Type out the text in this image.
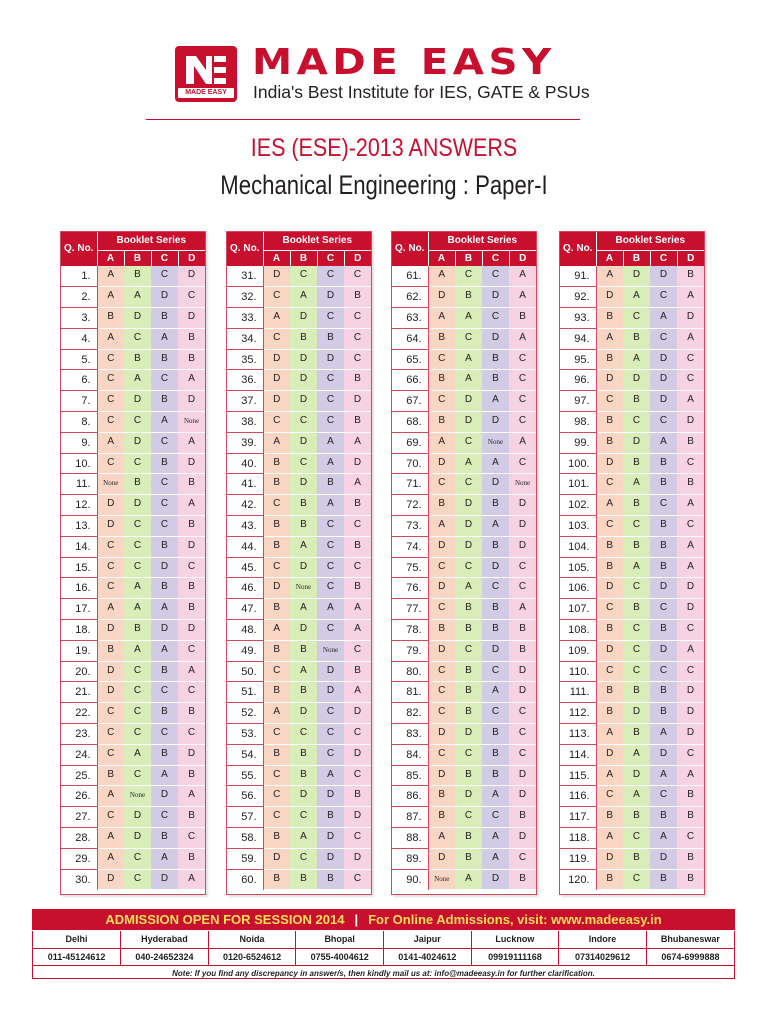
MADE EASY
MADE EASY
India's Best Institute for IES, GATE & PSUs
IES (ESE)-2013 ANSWERS
Mechanical Engineering : Paper-I
Q. No.	Booklet Series			
	A	B	C	D
1.	A	B	C	D
2.	A	A	D	C
3.	B	D	B	D
4.	A	C	A	B
5.	C	B	B	B
6.	C	A	C	A
7.	C	D	B	D
8.	C	C	A	None
9.	A	D	C	A
10.	C	C	B	D
11.	None	B	C	B
12.	D	D	C	A
13.	D	C	C	B
14.	C	C	B	D
15.	C	C	D	C
16.	C	A	B	B
17.	A	A	A	B
18.	D	B	D	D
19.	B	A	A	C
20.	D	C	B	A
21.	D	C	C	C
22.	C	C	B	B
23.	C	C	C	C
24.	C	A	B	D
25.	B	C	A	B
26.	A	None	D	A
27.	C	D	C	B
28.	A	D	B	C
29.	A	C	A	B
30.	D	C	D	A
Q. No.	Booklet Series			
	A	B	C	D
31.	D	C	C	C
32.	C	A	D	B
33.	A	D	C	C
34.	C	B	B	C
35.	D	D	D	C
36.	D	D	C	B
37.	D	D	C	D
38.	C	C	C	B
39.	A	D	A	A
40.	B	C	A	D
41.	B	D	B	A
42.	C	B	A	B
43.	B	B	C	C
44.	B	A	C	B
45.	C	D	C	C
46.	D	None	C	B
47.	B	A	A	A
48.	A	D	C	A
49.	B	B	None	C
50.	C	A	D	B
51.	B	B	D	A
52.	A	D	C	D
53.	C	C	C	C
54.	B	B	C	D
55.	C	B	A	C
56.	C	D	D	B
57.	C	C	B	D
58.	B	A	D	C
59.	D	C	D	D
60.	B	B	B	C
Q. No.	Booklet Series			
	A	B	C	D
61.	A	C	C	A
62.	D	B	D	A
63.	A	A	C	B
64.	B	C	D	A
65.	C	A	B	C
66.	B	A	B	C
67.	C	D	A	C
68.	B	D	D	C
69.	A	C	None	A
70.	D	A	A	C
71.	C	C	D	None
72.	B	D	B	D
73.	A	D	A	D
74.	D	D	B	D
75.	C	C	D	C
76.	D	A	C	C
77.	C	B	B	A
78.	B	B	B	B
79.	D	C	D	B
80.	C	B	C	D
81.	C	B	A	D
82.	C	B	C	C
83.	D	D	B	C
84.	C	C	B	C
85.	D	B	B	D
86.	B	D	A	D
87.	B	C	C	B
88.	A	B	A	D
89.	D	B	A	C
90.	None	A	D	B
Q. No.	Booklet Series			
	A	B	C	D
91.	A	D	D	B
92.	D	A	C	A
93.	B	C	A	D
94.	A	B	C	A
95.	B	A	D	C
96.	D	D	D	C
97.	C	B	D	A
98.	B	C	C	D
99.	B	D	A	B
100.	D	B	B	C
101.	C	A	B	B
102.	A	B	C	A
103.	C	C	B	C
104.	B	B	B	A
105.	B	A	B	A
106.	D	C	D	D
107.	C	B	C	D
108.	B	C	B	C
109.	D	C	D	A
110.	C	C	C	C
111.	B	B	B	D
112.	B	D	B	D
113.	A	B	A	D
114.	D	A	D	C
115.	A	D	A	A
116.	C	A	C	B
117.	B	B	B	B
118.	A	C	A	C
119.	D	B	D	B
120.	B	C	B	B
ADMISSION OPEN FOR SESSION 2014 | For Online Admissions, visit: www.madeeasy.in
Delhi	Hyderabad	Noida	Bhopal	Jaipur	Lucknow	Indore	Bhubaneswar
011-45124612	040-24652324	0120-6524612	0755-4004612	0141-4024612	09919111168	07314029612	0674-6999888
Note: If you find any discrepancy in answer/s, then kindly mail us at: info@madeeasy.in for further clarification.							
